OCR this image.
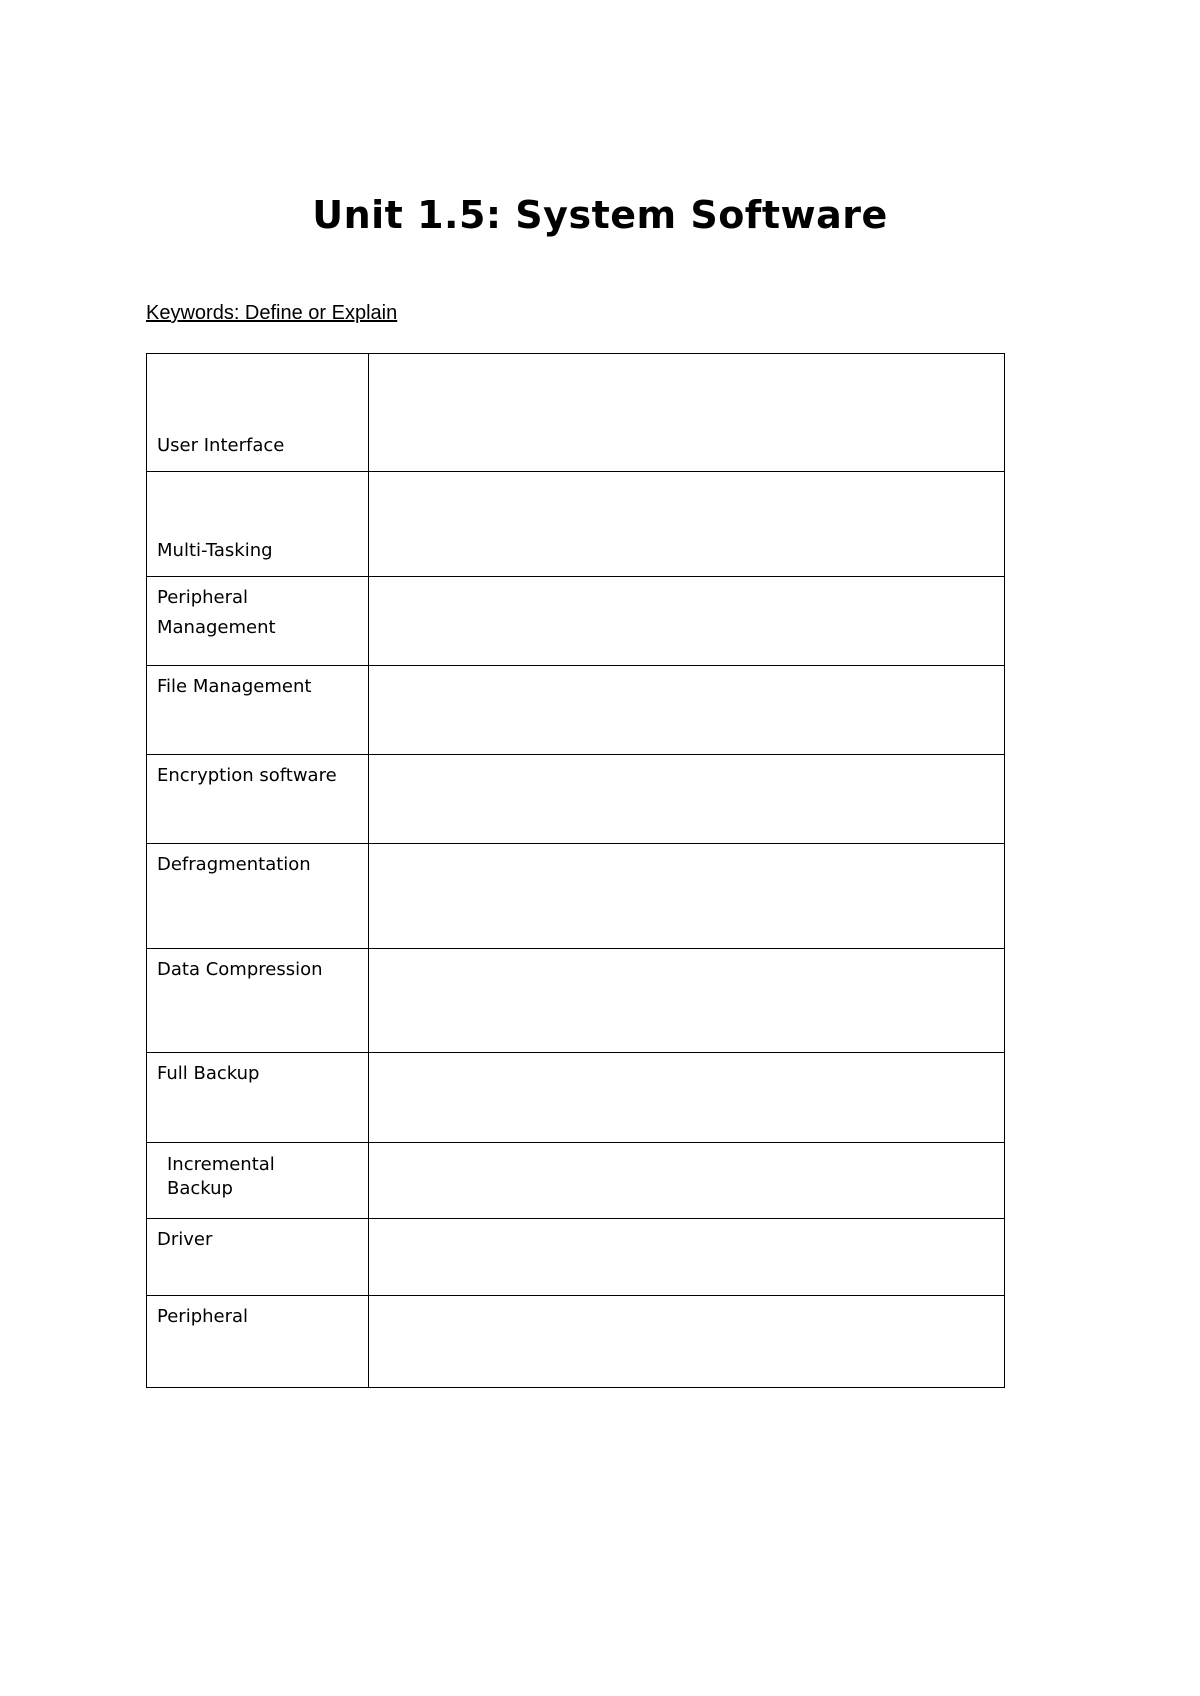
Unit 1.5: System Software

Keywords: Define or Explain

User Interface	
Multi-Tasking	

Peripheral Management	

File Management	
Encryption software	
Defragmentation	
Data Compression	
Full Backup	

Incremental Backup	

Driver	
Peripheral	
